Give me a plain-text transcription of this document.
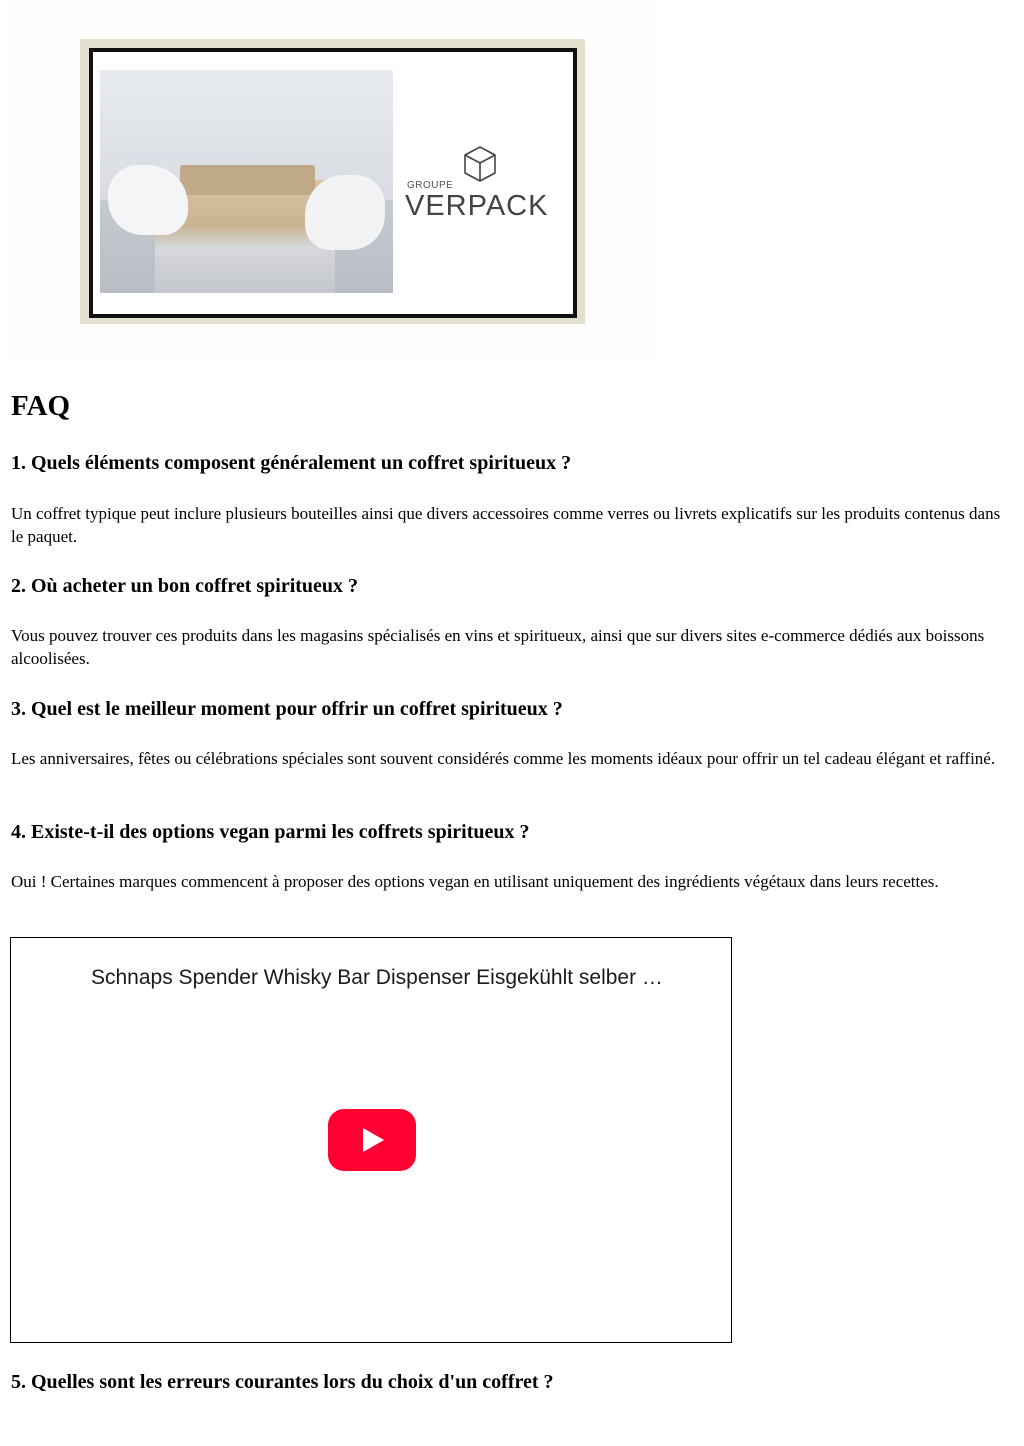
GROUPE
VERPACK
FAQ
1. Quels éléments composent généralement un coffret spiritueux ?

Un coffret typique peut inclure plusieurs bouteilles ainsi que divers accessoires comme verres ou livrets explicatifs sur les produits contenus dans le paquet.

2. Où acheter un bon coffret spiritueux ?

Vous pouvez trouver ces produits dans les magasins spécialisés en vins et spiritueux, ainsi que sur divers sites e-commerce dédiés aux boissons alcoolisées.

3. Quel est le meilleur moment pour offrir un coffret spiritueux ?

Les anniversaires, fêtes ou célébrations spéciales sont souvent considérés comme les moments idéaux pour offrir un tel cadeau élégant et raffiné.

4. Existe-t-il des options vegan parmi les coffrets spiritueux ?

Oui ! Certaines marques commencent à proposer des options vegan en utilisant uniquement des ingrédients végétaux dans leurs recettes.

Schnaps Spender Whisky Bar Dispenser Eisgekühlt selber …
5. Quelles sont les erreurs courantes lors du choix d'un coffret ?
